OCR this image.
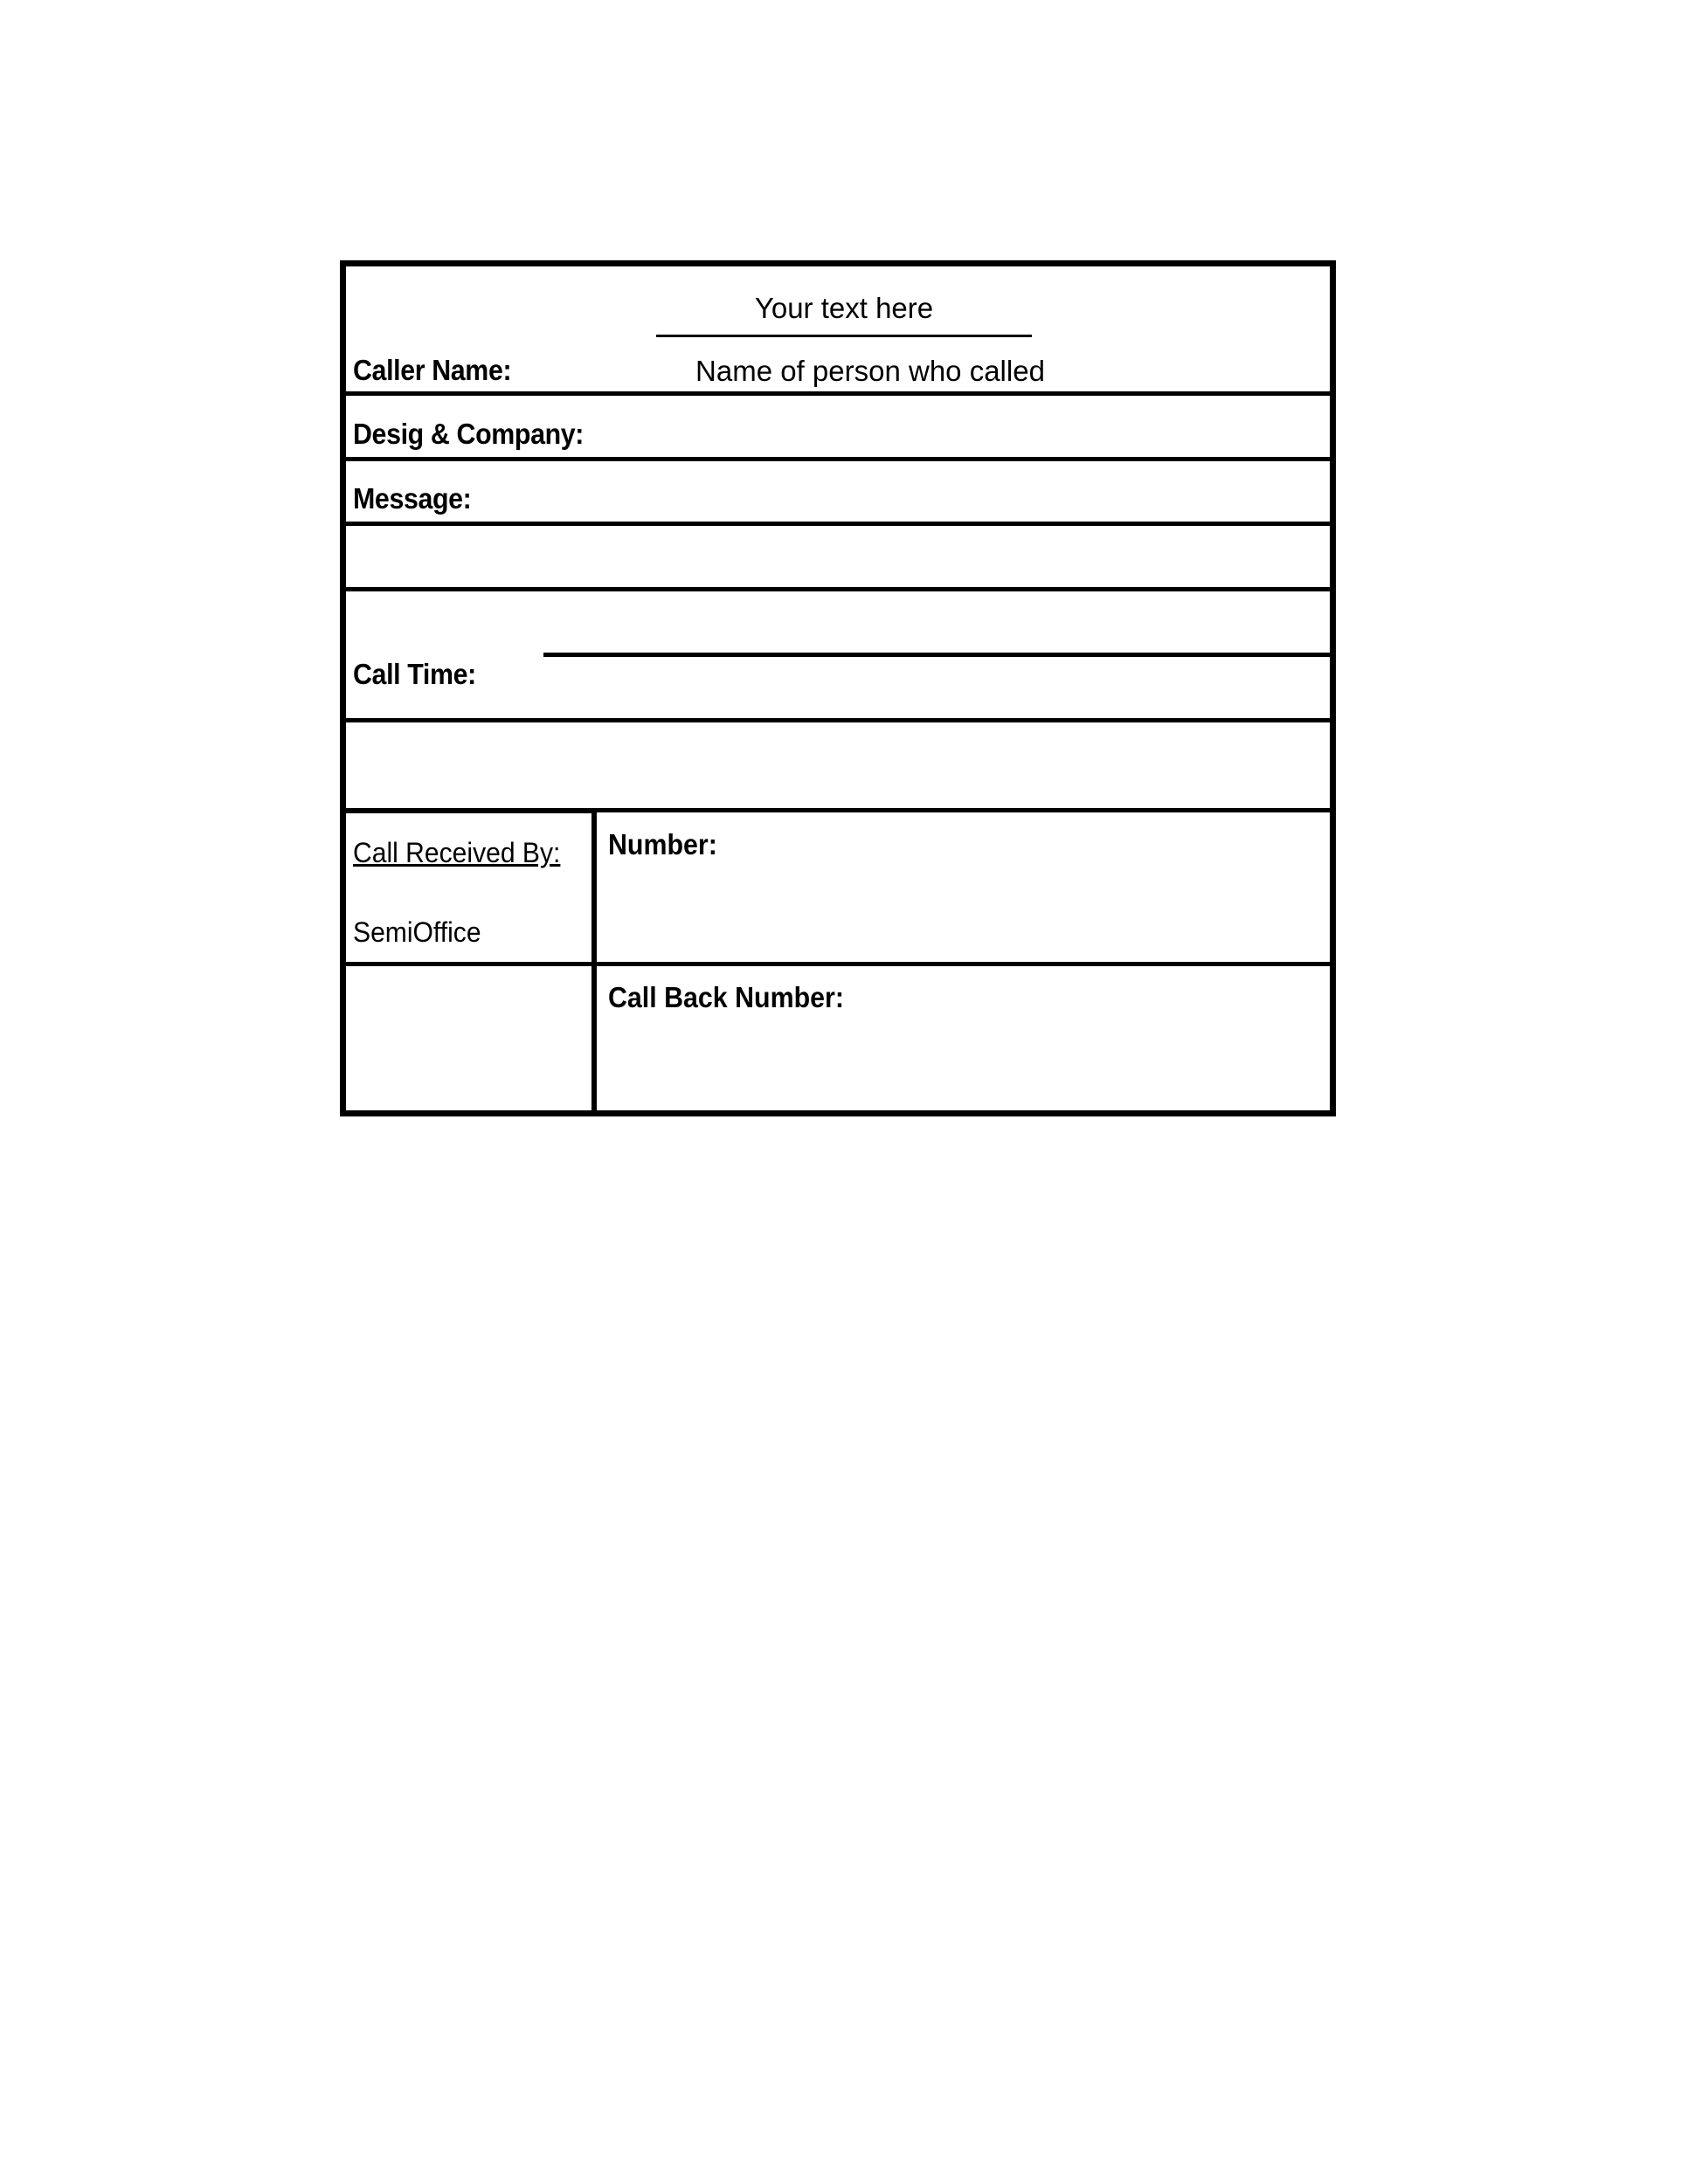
Your text here
Name of person who called
Caller Name:
Desig & Company:
Message:
Call Time:
Call Received By:
SemiOffice
Number:
Call Back Number:
